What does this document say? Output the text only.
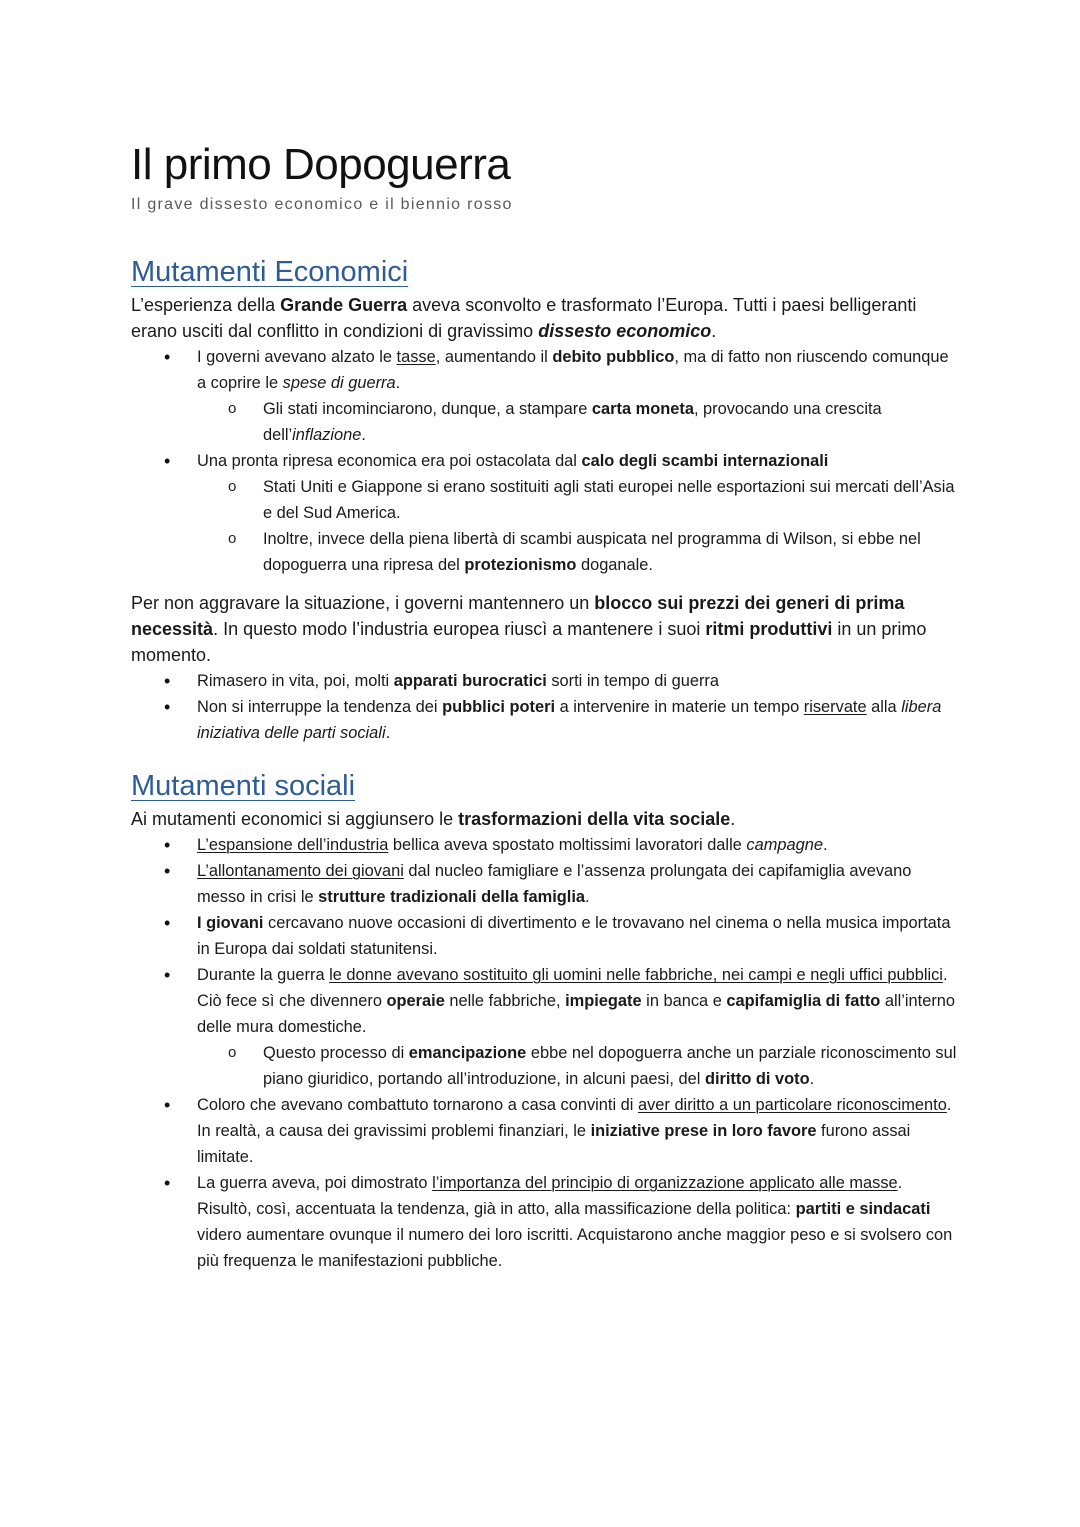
Il primo Dopoguerra
Il grave dissesto economico e il biennio rosso
Mutamenti Economici

L’esperienza della Grande Guerra aveva sconvolto e trasformato l’Europa. Tutti i paesi belligeranti erano usciti dal conflitto in condizioni di gravissimo dissesto economico.

• I governi avevano alzato le tasse, aumentando il debito pubblico, ma di fatto non riuscendo comunque a coprire le spese di guerra.
o Gli stati incominciarono, dunque, a stampare carta moneta, provocando una crescita dell’inflazione.
• Una pronta ripresa economica era poi ostacolata dal calo degli scambi internazionali
o Stati Uniti e Giappone si erano sostituiti agli stati europei nelle esportazioni sui mercati dell’Asia e del Sud America.
o Inoltre, invece della piena libertà di scambi auspicata nel programma di Wilson, si ebbe nel dopoguerra una ripresa del protezionismo doganale.

Per non aggravare la situazione, i governi mantennero un blocco sui prezzi dei generi di prima necessità. In questo modo l’industria europea riuscì a mantenere i suoi ritmi produttivi in un primo momento.

• Rimasero in vita, poi, molti apparati burocratici sorti in tempo di guerra
• Non si interruppe la tendenza dei pubblici poteri a intervenire in materie un tempo riservate alla libera iniziativa delle parti sociali.
Mutamenti sociali

Ai mutamenti economici si aggiunsero le trasformazioni della vita sociale.

• L’espansione dell’industria bellica aveva spostato moltissimi lavoratori dalle campagne.
• L’allontanamento dei giovani dal nucleo famigliare e l’assenza prolungata dei capifamiglia avevano messo in crisi le strutture tradizionali della famiglia.
• I giovani cercavano nuove occasioni di divertimento e le trovavano nel cinema o nella musica importata in Europa dai soldati statunitensi.
• Durante la guerra le donne avevano sostituito gli uomini nelle fabbriche, nei campi e negli uffici pubblici. Ciò fece sì che divennero operaie nelle fabbriche, impiegate in banca e capifamiglia di fatto all’interno delle mura domestiche.
o Questo processo di emancipazione ebbe nel dopoguerra anche un parziale riconoscimento sul piano giuridico, portando all’introduzione, in alcuni paesi, del diritto di voto.
• Coloro che avevano combattuto tornarono a casa convinti di aver diritto a un particolare riconoscimento. In realtà, a causa dei gravissimi problemi finanziari, le iniziative prese in loro favore furono assai limitate.
• La guerra aveva, poi dimostrato l’importanza del principio di organizzazione applicato alle masse. Risultò, così, accentuata la tendenza, già in atto, alla massificazione della politica: partiti e sindacati videro aumentare ovunque il numero dei loro iscritti. Acquistarono anche maggior peso e si svolsero con più frequenza le manifestazioni pubbliche.
